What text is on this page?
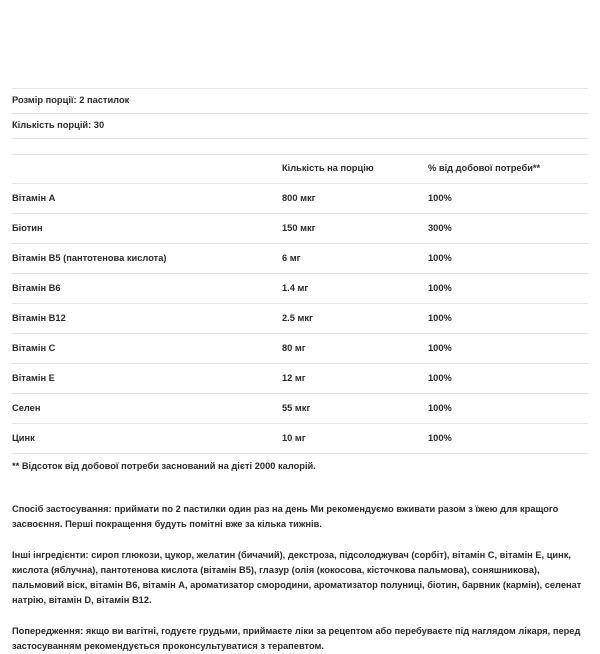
Розмір порції: 2 пастилок		

Кількість порцій: 30		

	Кількість на порцію	% від добової потреби**

Вітамін А	800 мкг	100%

Біотин	150 мкг	300%

Вітамін В5 (пантотенова кислота)	6 мг	100%

Вітамін В6	1.4 мг	100%

Вітамін В12	2.5 мкг	100%

Вітамін С	80 мг	100%

Вітамін Е	12 мг	100%

Селен	55 мкг	100%

Цинк	10 мг	100%

** Відсоток від добової потреби заснований на дієті 2000 калорій.		

Спосіб застосування: приймати по 2 пастилки один раз на день Ми рекомендуємо вживати разом з їжею для кращого засвоєння. Перші покращення будуть помітні вже за кілька тижнів.

Інші інгредієнти: сироп глюкози, цукор, желатин (бичачий), декстроза, підсолоджувач (сорбіт), вітамін С, вітамін Е, цинк, кислота (яблучна), пантотенова кислота (вітамін В5), глазур (олія (кокосова, кісточкова пальмова), соняшникова), пальмовий віск, вітамін В6, вітамін А, ароматизатор смородини, ароматизатор полуниці, біотин, барвник (кармін), селенат натрію, вітамін D, вітамін В12.

Попередження: якщо ви вагітні, годуєте грудьми, приймаєте ліки за рецептом або перебуваєте під наглядом лікаря, перед застосуванням рекомендується проконсультуватися з терапевтом.
